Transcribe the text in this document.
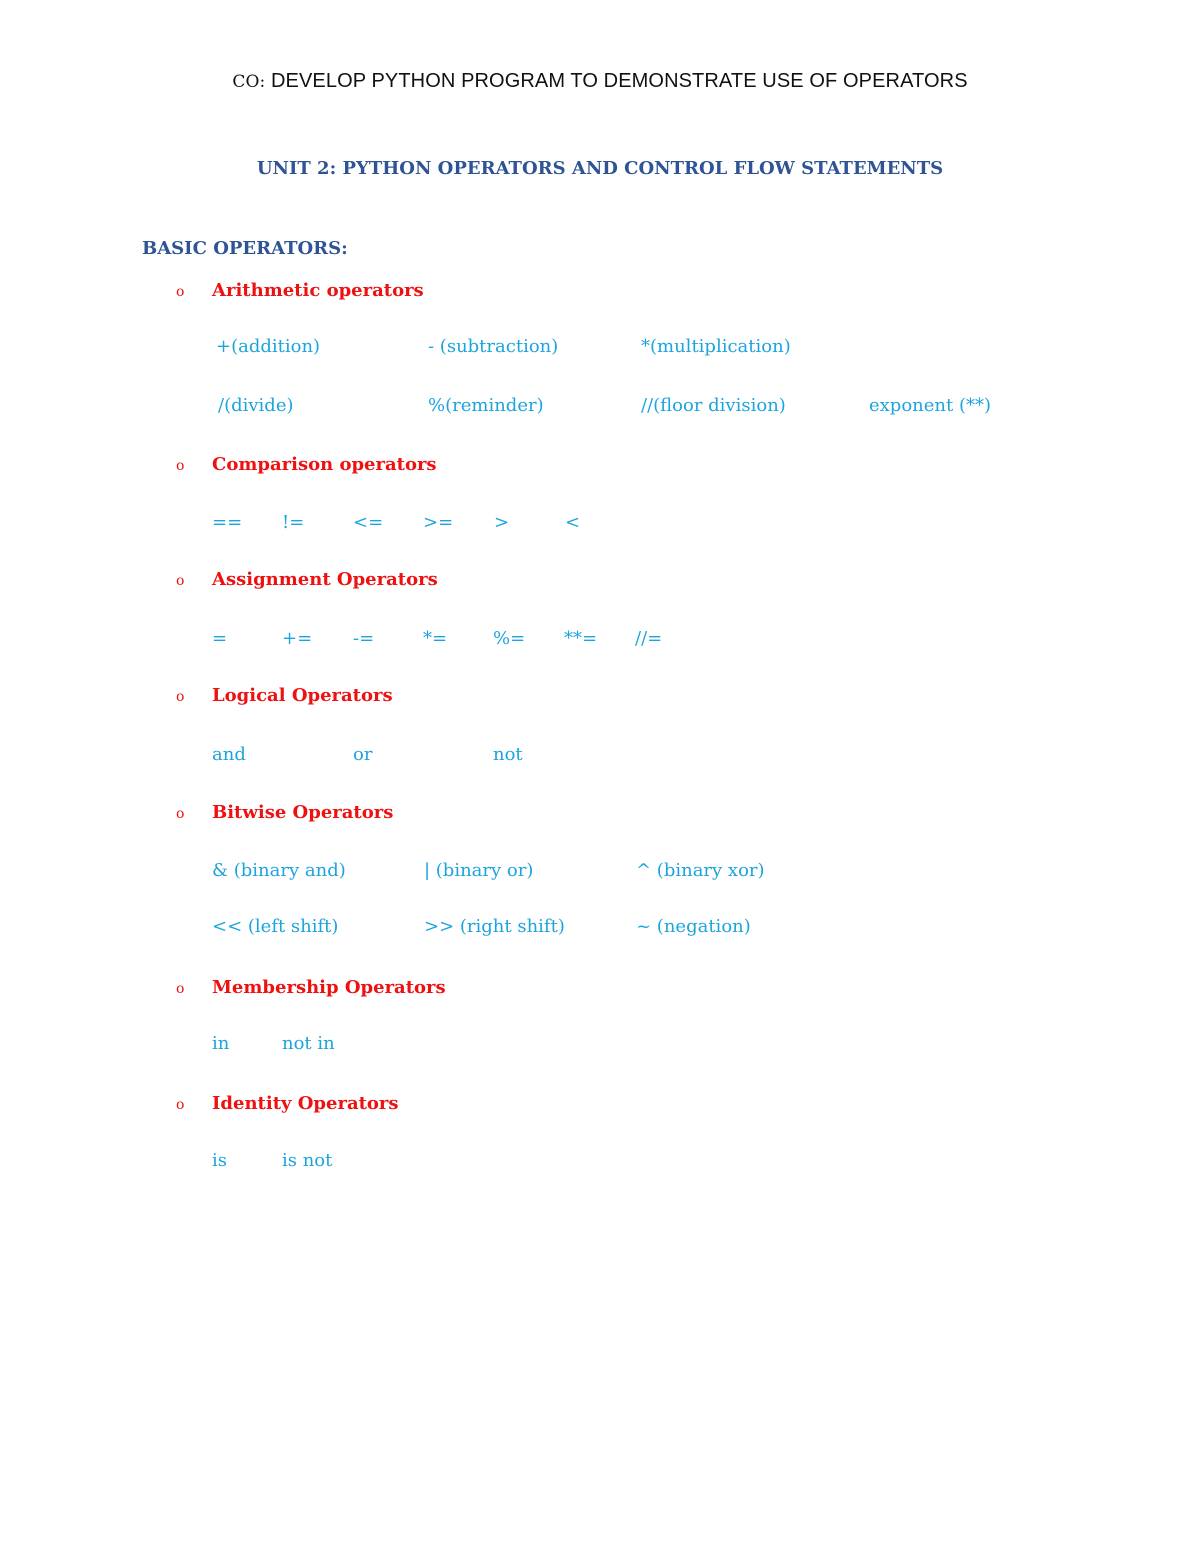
CO: DEVELOP PYTHON PROGRAM TO DEMONSTRATE USE OF OPERATORS
UNIT 2: PYTHON OPERATORS AND CONTROL FLOW STATEMENTS
BASIC OPERATORS:
o Arithmetic operators
+(addition)	- (subtraction)	*(multiplication)
/(divide)	%(reminder)	//(floor division)	exponent (**)
o Comparison operators
== !=	<= >= >	<
o Assignment Operators
=	+= -=	*=	%= **= //=
o Logical Operators
and	or	not
o Bitwise Operators
& (binary and)	| (binary or)	^ (binary xor)
<< (left shift)	>> (right shift)	~ (negation)
o Membership Operators
in	not in
o Identity Operators
is	is not
